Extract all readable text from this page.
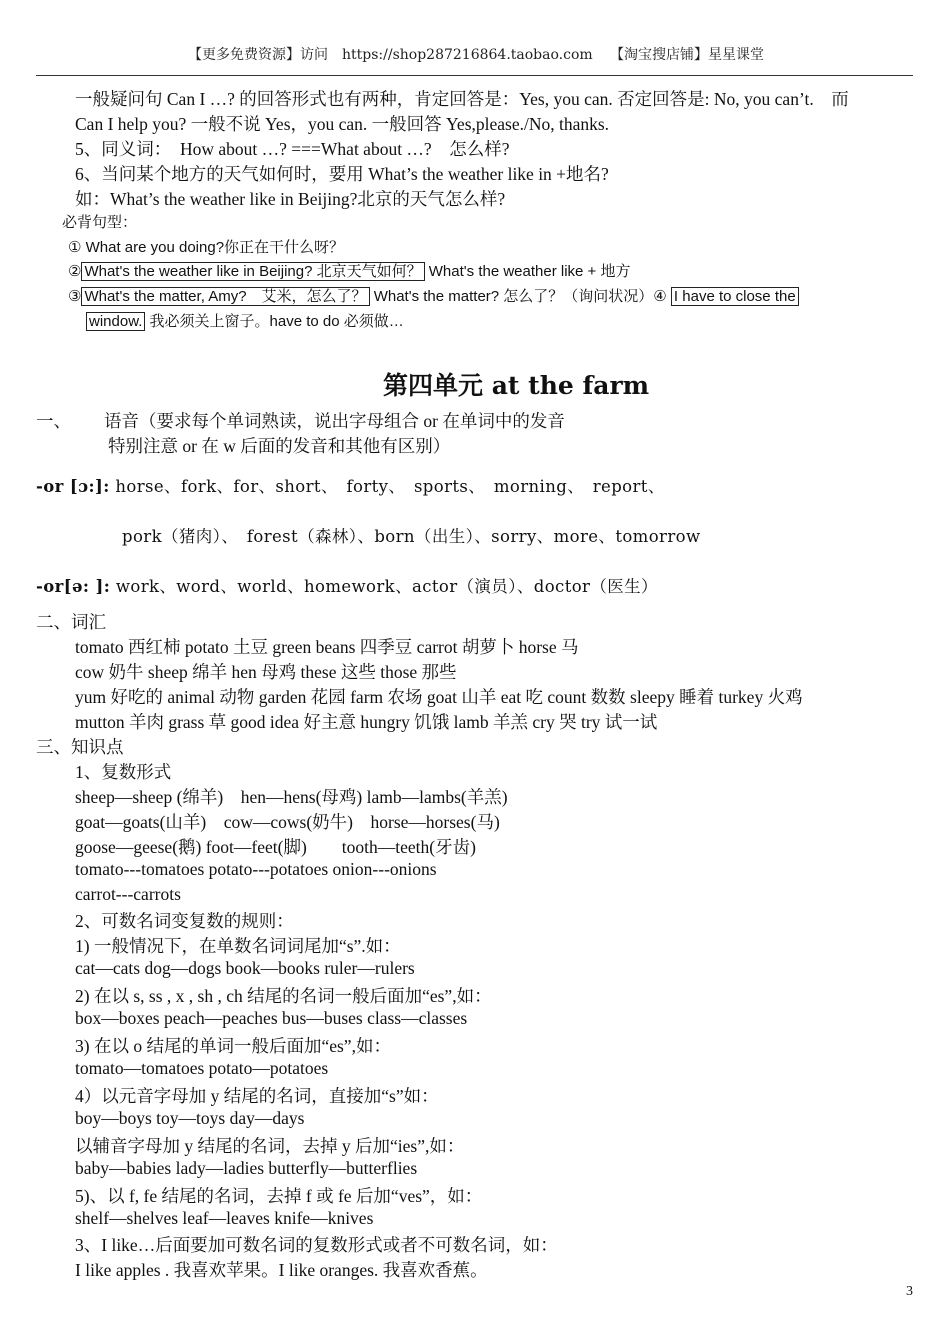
【更多免费资源】访问　https://shop287216864.taobao.com 【淘宝搜店铺】星星课堂
一般疑问句 Can I …? 的回答形式也有两种，肯定回答是：Yes, you can. 否定回答是: No, you can’t.　而
Can I help you? 一般不说 Yes，you can. 一般回答 Yes,please./No, thanks.
5、同义词：　How about …? ===What about …?　怎么样?
6、当问某个地方的天气如何时，要用 What’s the weather like in +地名?
如：What’s the weather like in Beijing?北京的天气怎么样?
必背句型：
① What are you doing?你正在干什么呀？
② What's the weather like in Beijing? 北京天气如何？ What's the weather like + 地方
③ What's the matter, Amy?　艾米，怎么了？ What's the matter? 怎么了？（询问状况）④ I have to close the
window. 我必须关上窗子。have to do 必须做…
第四单元 at the farm
一、 语音（要求每个单词熟读，说出字母组合 or 在单词中的发音
特别注意 or 在 w 后面的发音和其他有区别）
-or [ɔ:]: horse、fork、for、short、　forty、　sports、　morning、　report、
pork（猪肉）、　forest（森林）、born（出生）、sorry、more、tomorrow
-or[ə: ]: work、word、world、homework、actor（演员）、doctor（医生）
二、词汇
tomato 西红柿 potato 土豆 green beans 四季豆 carrot 胡萝卜 horse 马
cow 奶牛 sheep 绵羊 hen 母鸡 these 这些 those 那些
yum 好吃的 animal 动物 garden 花园 farm 农场 goat 山羊 eat 吃 count 数数 sleepy 睡着 turkey 火鸡
mutton 羊肉 grass 草 good idea 好主意 hungry 饥饿 lamb 羊羔 cry 哭 try 试一试
三、知识点
1、复数形式
sheep—sheep (绵羊)　hen—hens(母鸡) lamb—lambs(羊羔)
goat—goats(山羊)　cow—cows(奶牛)　horse—horses(马)
goose—geese(鹅) foot—feet(脚)　　tooth—teeth(牙齿)
tomato---tomatoes potato---potatoes onion---onions
carrot---carrots
2、可数名词变复数的规则：
1) 一般情况下，在单数名词词尾加“s”.如：
cat—cats dog—dogs book—books ruler—rulers
2) 在以 s, ss , x , sh , ch 结尾的名词一般后面加“es”,如：
box—boxes peach—peaches bus—buses class—classes
3) 在以 o 结尾的单词一般后面加“es”,如：
tomato—tomatoes potato—potatoes
4）以元音字母加 y 结尾的名词，直接加“s”如：
boy—boys toy—toys day—days
以辅音字母加 y 结尾的名词，去掉 y 后加“ies”,如：
baby—babies lady—ladies butterfly—butterflies
5)、以 f, fe 结尾的名词，去掉 f 或 fe 后加“ves”，如：
shelf—shelves leaf—leaves knife—knives
3、I like…后面要加可数名词的复数形式或者不可数名词，如：
I like apples . 我喜欢苹果。I like oranges. 我喜欢香蕉。
3
